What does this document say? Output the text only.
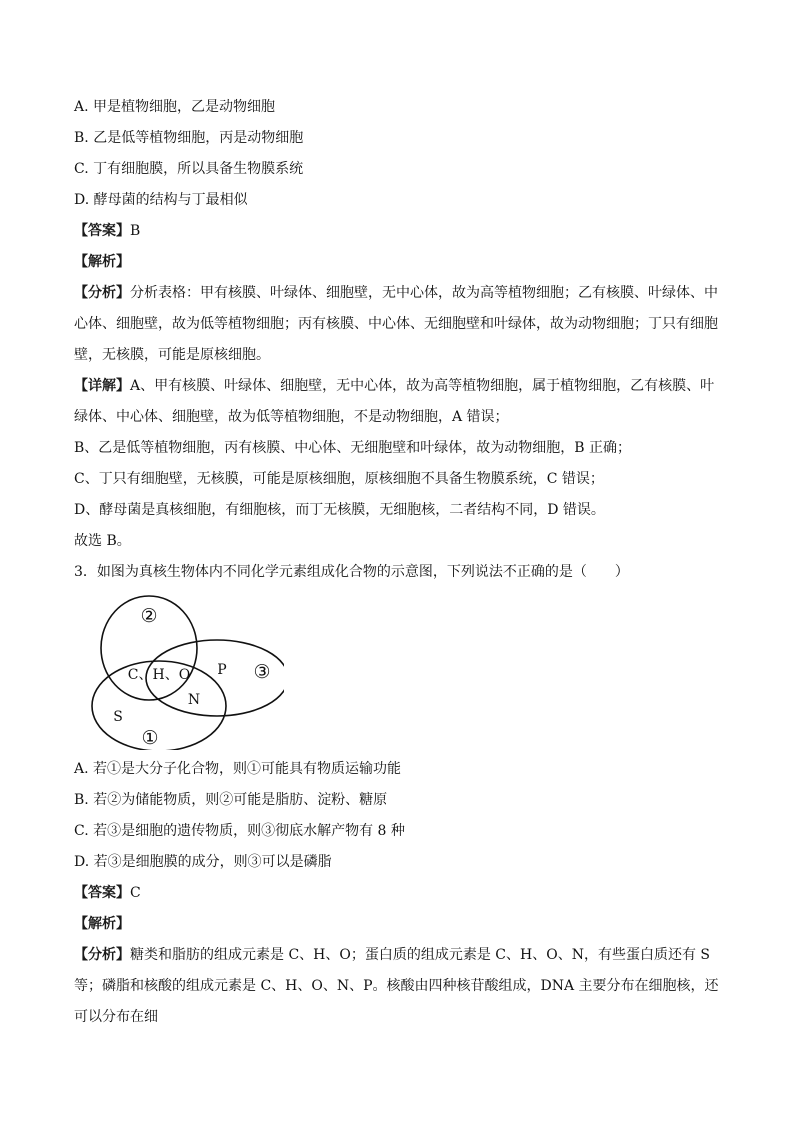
A. 甲是植物细胞，乙是动物细胞
B. 乙是低等植物细胞，丙是动物细胞
C. 丁有细胞膜，所以具备生物膜系统
D. 酵母菌的结构与丁最相似
【答案】B
【解析】
【分析】分析表格：甲有核膜、叶绿体、细胞壁，无中心体，故为高等植物细胞；乙有核膜、叶绿体、中心体、细胞壁，故为低等植物细胞；丙有核膜、中心体、无细胞壁和叶绿体，故为动物细胞；丁只有细胞壁，无核膜，可能是原核细胞。
【详解】A、甲有核膜、叶绿体、细胞壁，无中心体，故为高等植物细胞，属于植物细胞，乙有核膜、叶绿体、中心体、细胞壁，故为低等植物细胞，不是动物细胞，A 错误；
B、乙是低等植物细胞，丙有核膜、中心体、无细胞壁和叶绿体，故为动物细胞，B 正确；
C、丁只有细胞壁，无核膜，可能是原核细胞，原核细胞不具备生物膜系统，C 错误；
D、酵母菌是真核细胞，有细胞核，而丁无核膜，无细胞核，二者结构不同，D 错误。
故选 B。
3．如图为真核生物体内不同化学元素组成化合物的示意图，下列说法不正确的是（　　）
②
C、H、O P ③
N
S
①
A. 若①是大分子化合物，则①可能具有物质运输功能
B. 若②为储能物质，则②可能是脂肪、淀粉、糖原
C. 若③是细胞的遗传物质，则③彻底水解产物有 8 种
D. 若③是细胞膜的成分，则③可以是磷脂
【答案】C
【解析】
【分析】糖类和脂肪的组成元素是 C、H、O；蛋白质的组成元素是 C、H、O、N，有些蛋白质还有 S 等；磷脂和核酸的组成元素是 C、H、O、N、P。核酸由四种核苷酸组成，DNA 主要分布在细胞核，还可以分布在细
